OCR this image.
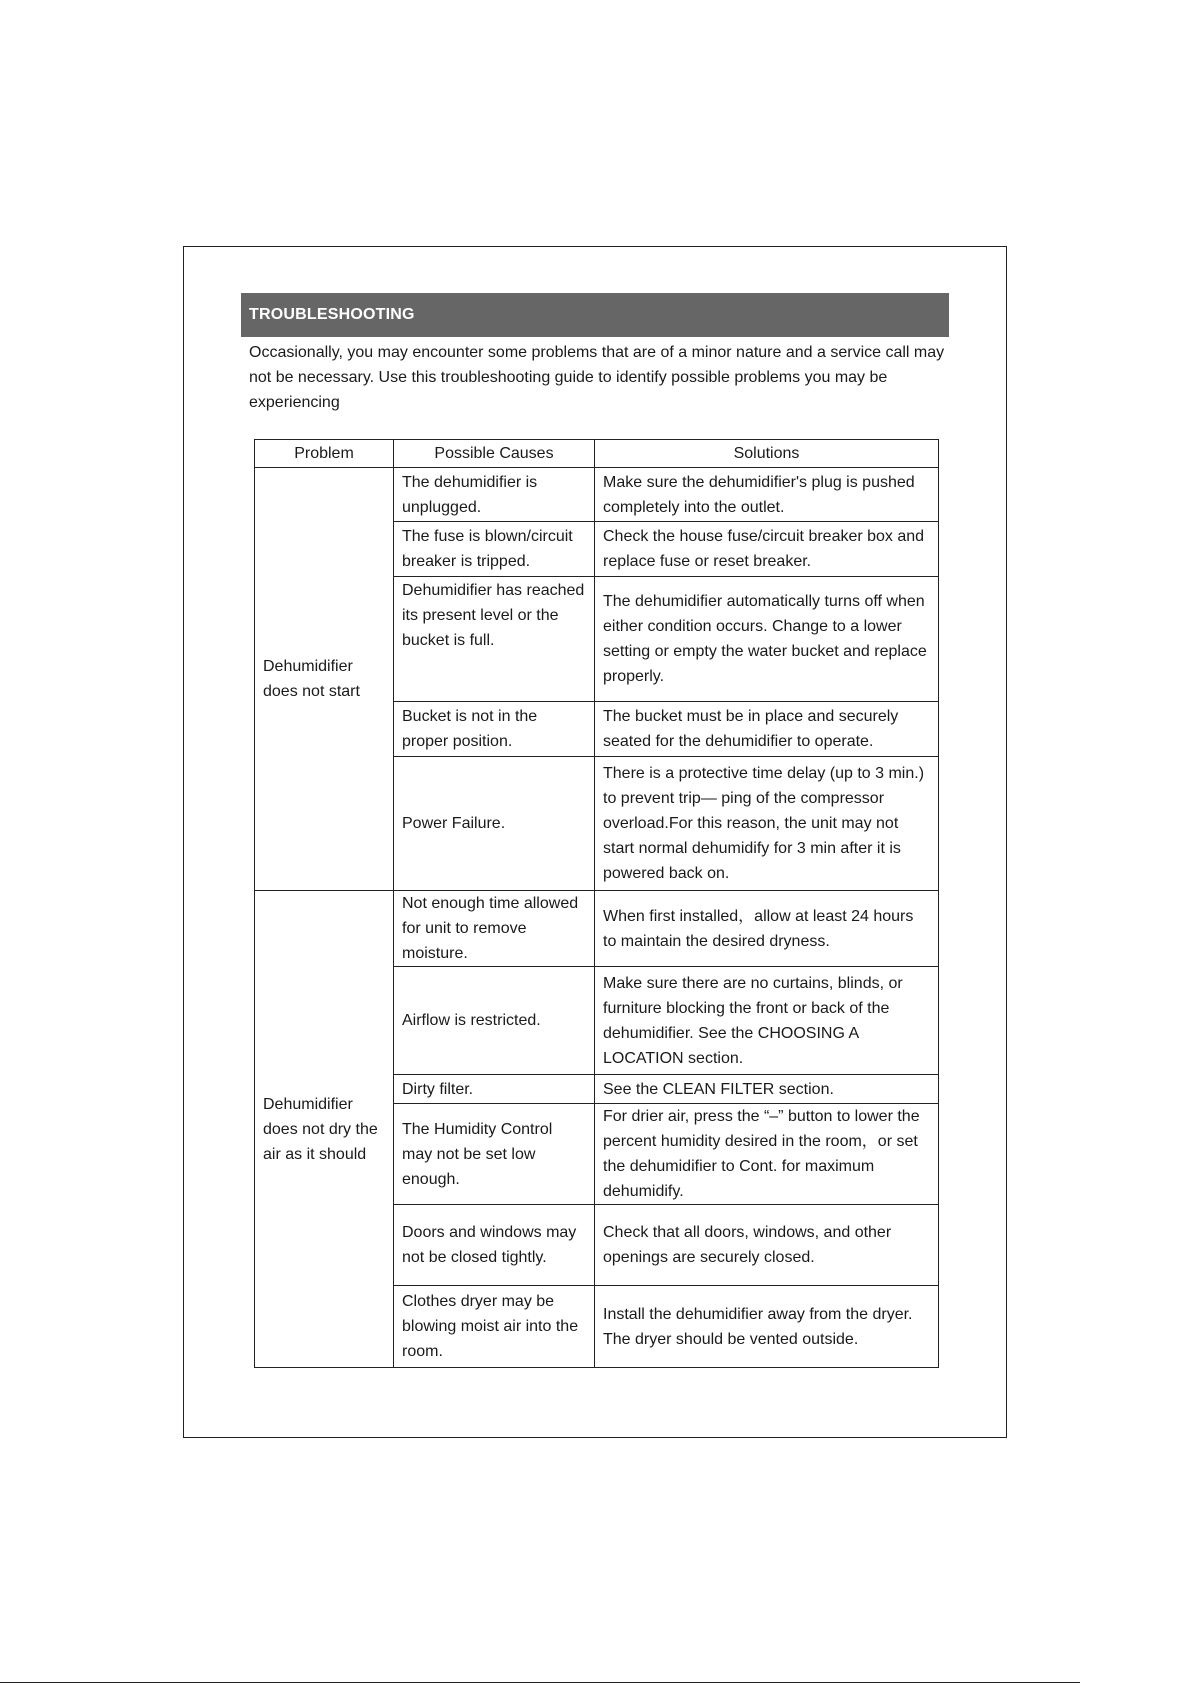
TROUBLESHOOTING

Occasionally, you may encounter some problems that are of a minor nature and a service call may not be necessary. Use this troubleshooting guide to identify possible problems you may be experiencing

Problem	Possible Causes	Solutions
Dehumidifier does not start	The dehumidifier is unplugged.	Make sure the dehumidifier's plug is pushed completely into the outlet.
	The fuse is blown/circuit breaker is tripped.	Check the house fuse/circuit breaker box and replace fuse or reset breaker.
	Dehumidifier has reached its present level or the bucket is full.	The dehumidifier automatically turns off when either condition occurs. Change to a lower setting or empty the water bucket and replace properly.
	Bucket is not in the proper position.	The bucket must be in place and securely seated for the dehumidifier to operate.
	Power Failure.	There is a protective time delay (up to 3 min.) to prevent trip— ping of the compressor overload.For this reason, the unit may not start normal dehumidify for 3 min after it is powered back on.
Dehumidifier does not dry the air as it should	Not enough time allowed for unit to remove moisture.	When first installed，allow at least 24 hours to maintain the desired dryness.
	Airflow is restricted.	Make sure there are no curtains, blinds, or furniture blocking the front or back of the dehumidifier. See the CHOOSING A LOCATION section.
	Dirty filter.	See the CLEAN FILTER section.
	The Humidity Control may not be set low enough.	For drier air, press the “–” button to lower the percent humidity desired in the room，or set the dehumidifier to Cont. for maximum dehumidify.
	Doors and windows may not be closed tightly.	Check that all doors, windows, and other openings are securely closed.
	Clothes dryer may be blowing moist air into the room.	Install the dehumidifier away from the dryer. The dryer should be vented outside.
